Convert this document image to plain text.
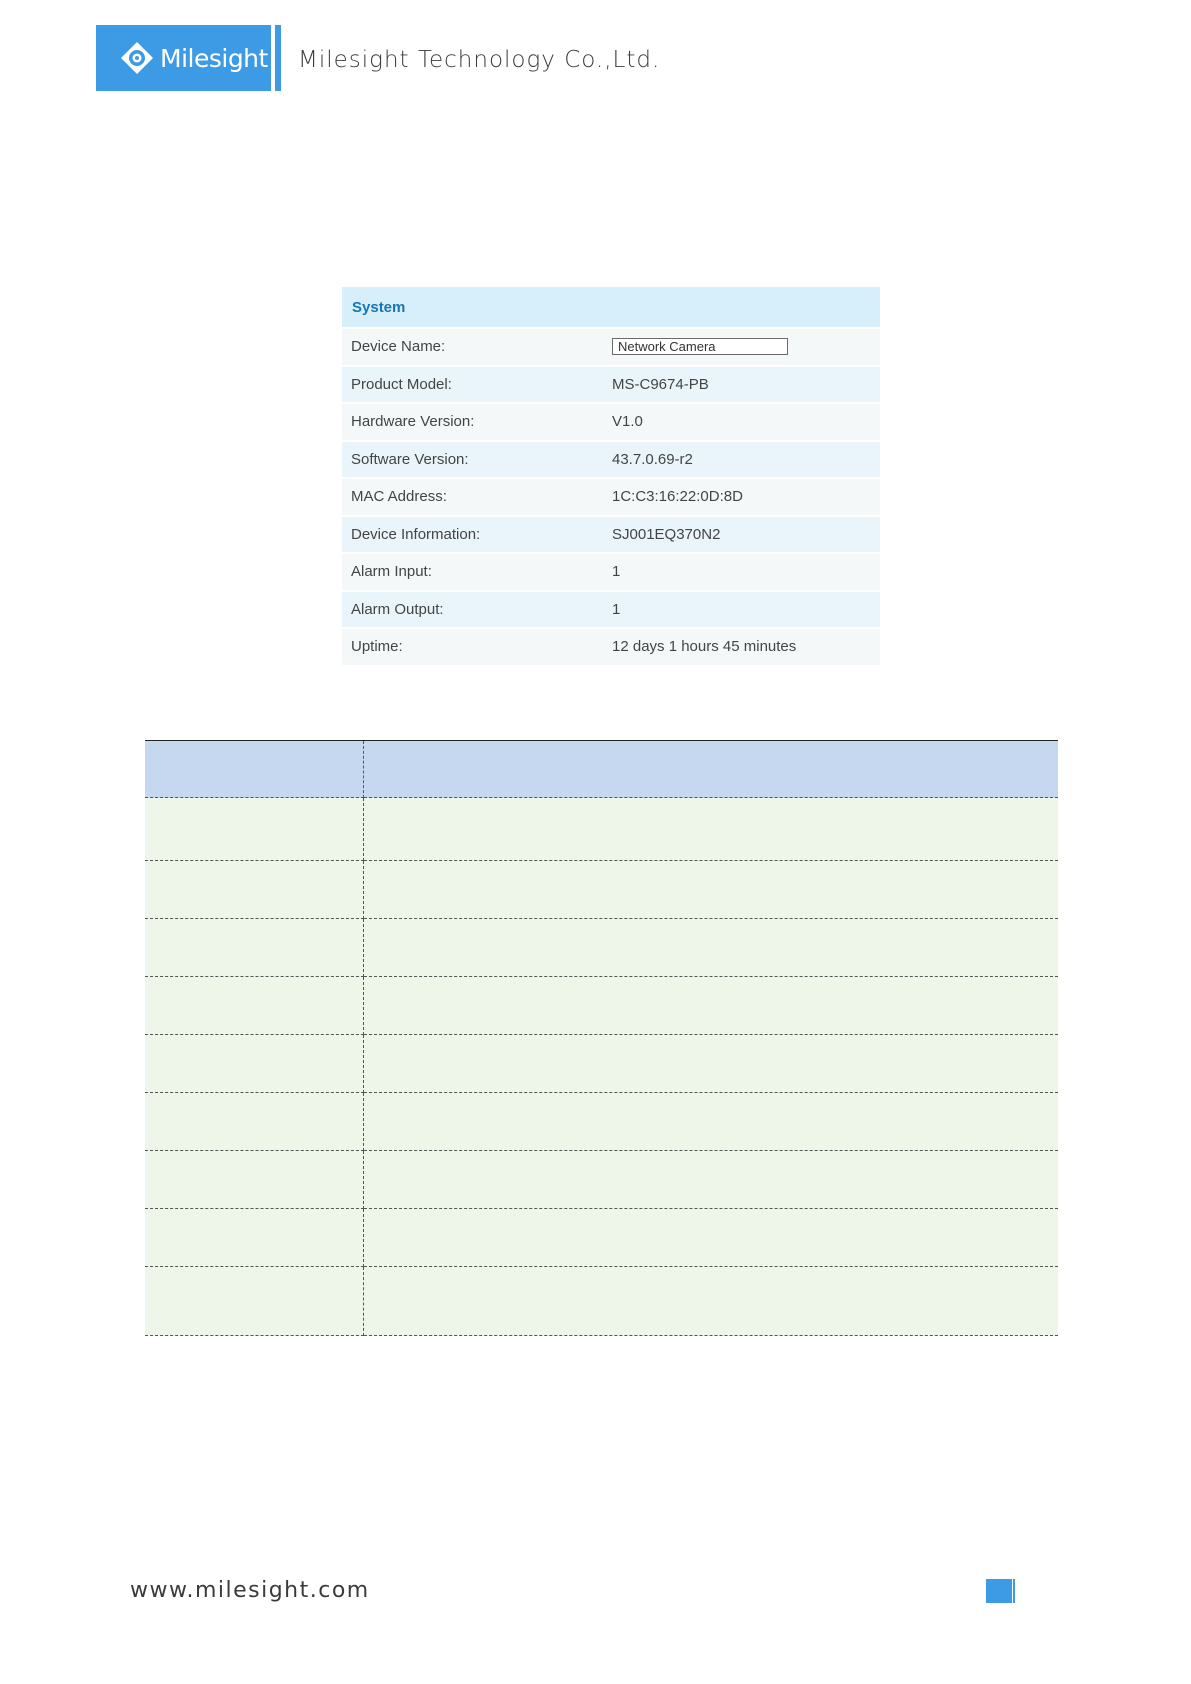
Milesight Milesight Technology Co.,Ltd.
System
Device Name:	Network Camera
Product Model:	MS-C9674-PB
Hardware Version:	V1.0
Software Version:	43.7.0.69-r2
MAC Address:	1C:C3:16:22:0D:8D
Device Information:	SJ001EQ370N2
Alarm Input:	1
Alarm Output:	1
Uptime:	12 days 1 hours 45 minutes

www.milesight.com
